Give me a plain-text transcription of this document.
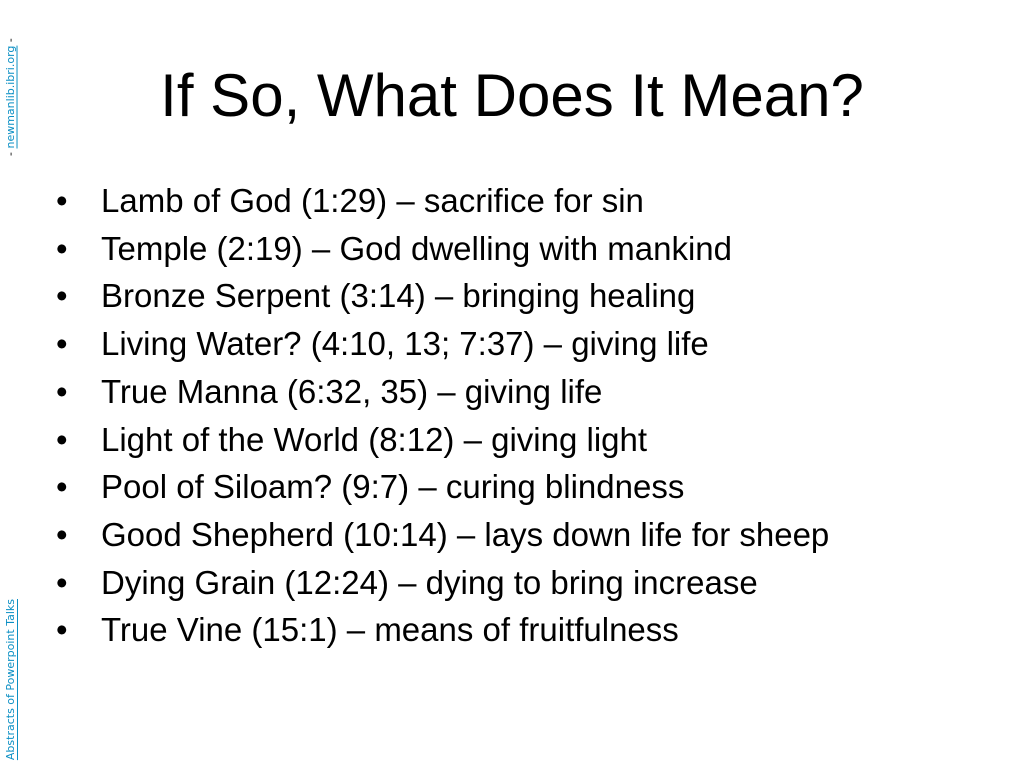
- newmanlib.ibri.org -
Abstracts of Powerpoint Talks
If So, What Does It Mean?
• Lamb of God (1:29) – sacrifice for sin
• Temple (2:19) – God dwelling with mankind
• Bronze Serpent (3:14) – bringing healing
• Living Water? (4:10, 13; 7:37) – giving life
• True Manna (6:32, 35) – giving life
• Light of the World (8:12) – giving light
• Pool of Siloam? (9:7) – curing blindness
• Good Shepherd (10:14) – lays down life for sheep
• Dying Grain (12:24) – dying to bring increase
• True Vine (15:1) – means of fruitfulness
